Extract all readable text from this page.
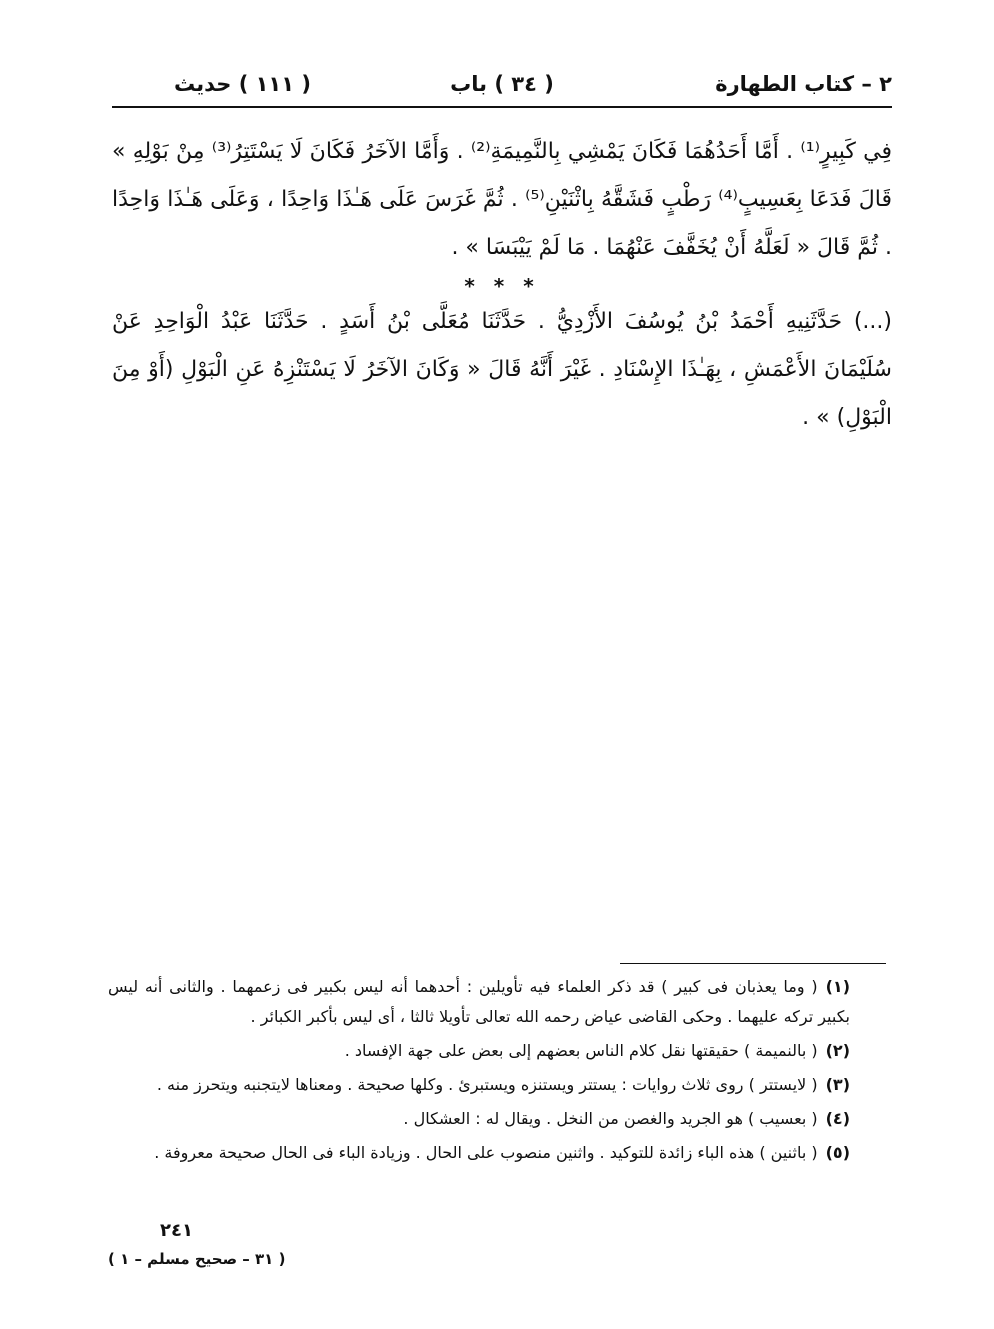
٢ – كتاب الطهارة
( ٣٤ ) باب
( ١١١ ) حديث

فِي كَبِيرٍ⁽¹⁾ . أَمَّا أَحَدُهُمَا فَكَانَ يَمْشِي بِالنَّمِيمَةِ⁽²⁾ . وَأَمَّا الآخَرُ فَكَانَ لَا يَسْتَتِرُ⁽³⁾ مِنْ بَوْلِهِ » قَالَ فَدَعَا بِعَسِيبٍ⁽⁴⁾ رَطْبٍ فَشَقَّهُ بِاثْنَيْنِ⁽⁵⁾ . ثُمَّ غَرَسَ عَلَى هَـٰذَا وَاحِدًا ، وَعَلَى هَـٰذَا وَاحِدًا . ثُمَّ قَالَ « لَعَلَّهُ أَنْ يُخَفَّفَ عَنْهُمَا . مَا لَمْ يَيْبَسَا » .

* * *

(...) حَدَّثَنِيهِ أَحْمَدُ بْنُ يُوسُفَ الأَزْدِيُّ . حَدَّثَنَا مُعَلَّى بْنُ أَسَدٍ . حَدَّثَنَا عَبْدُ الْوَاحِدِ عَنْ سُلَيْمَانَ الأَعْمَشِ ، بِهَـٰذَا الإِسْنَادِ . غَيْرَ أَنَّهُ قَالَ « وَكَانَ الآخَرُ لَا يَسْتَنْزِهُ عَنِ الْبَوْلِ (أَوْ مِنَ الْبَوْلِ) » .

(١)( وما يعذبان فى كبير ) قد ذكر العلماء فيه تأويلين : أحدهما أنه ليس بكبير فى زعمهما . والثانى أنه ليس بكبير تركه عليهما . وحكى القاضى عياض رحمه الله تعالى تأويلا ثالثا ، أى ليس بأكبر الكبائر .

(٢)( بالنميمة ) حقيقتها نقل كلام الناس بعضهم إلى بعض على جهة الإفساد .

(٣)( لايستتر ) روى ثلاث روايات : يستتر ويستنزه ويستبرئ . وكلها صحيحة . ومعناها لايتجنبه ويتحرز منه .

(٤)( بعسيب ) هو الجريد والغصن من النخل . ويقال له : العشكال .

(٥)( باثنين ) هذه الباء زائدة للتوكيد . واثنين منصوب على الحال . وزيادة الباء فى الحال صحيحة معروفة .

٢٤١
( ٣١ – صحيح مسلم – ١ )
